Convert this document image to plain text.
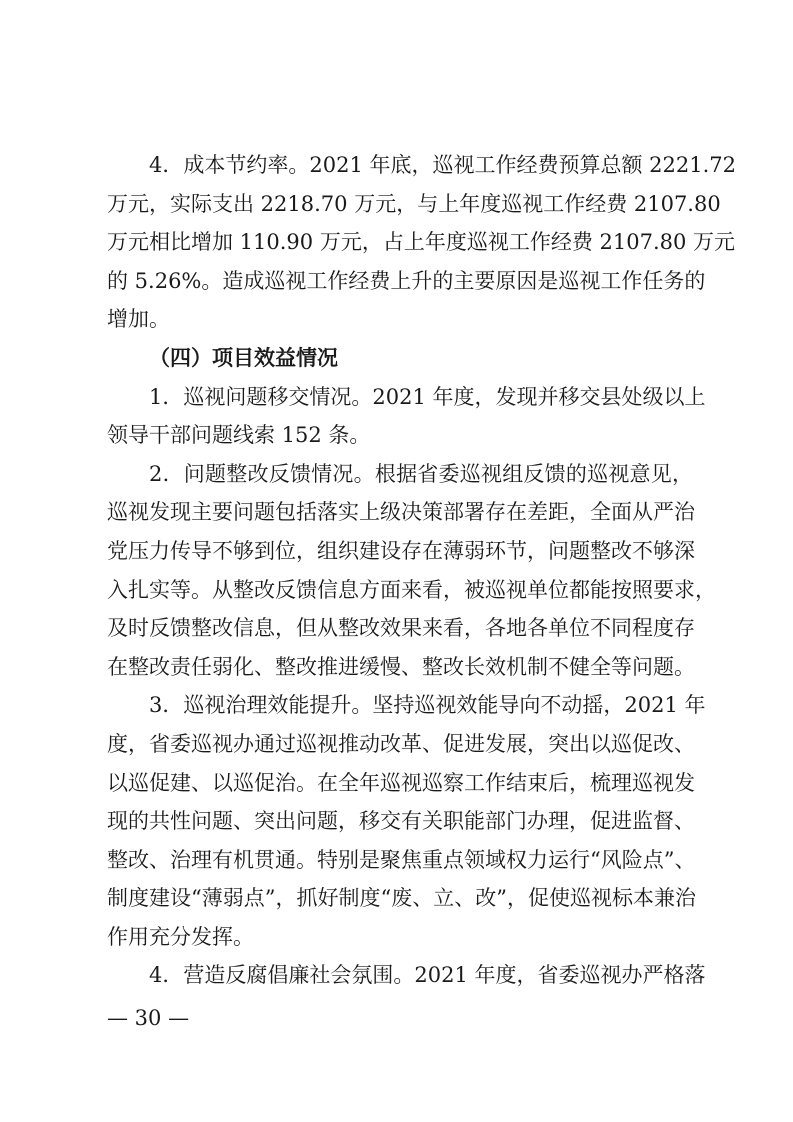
4．成本节约率。2021 年底，巡视工作经费预算总额 2221.72
万元，实际支出 2218.70 万元，与上年度巡视工作经费 2107.80
万元相比增加 110.90 万元，占上年度巡视工作经费 2107.80 万元
的 5.26%。造成巡视工作经费上升的主要原因是巡视工作任务的
增加。
（四）项目效益情况
1．巡视问题移交情况。2021 年度，发现并移交县处级以上
领导干部问题线索 152 条。
2．问题整改反馈情况。根据省委巡视组反馈的巡视意见，
巡视发现主要问题包括落实上级决策部署存在差距，全面从严治
党压力传导不够到位，组织建设存在薄弱环节，问题整改不够深
入扎实等。从整改反馈信息方面来看，被巡视单位都能按照要求，
及时反馈整改信息，但从整改效果来看，各地各单位不同程度存
在整改责任弱化、整改推进缓慢、整改长效机制不健全等问题。
3．巡视治理效能提升。坚持巡视效能导向不动摇，2021 年
度，省委巡视办通过巡视推动改革、促进发展，突出以巡促改、
以巡促建、以巡促治。在全年巡视巡察工作结束后，梳理巡视发
现的共性问题、突出问题，移交有关职能部门办理，促进监督、
整改、治理有机贯通。特别是聚焦重点领域权力运行“风险点”、
制度建设“薄弱点”，抓好制度“废、立、改”，促使巡视标本兼治
作用充分发挥。
4．营造反腐倡廉社会氛围。2021 年度，省委巡视办严格落
— 30 —
